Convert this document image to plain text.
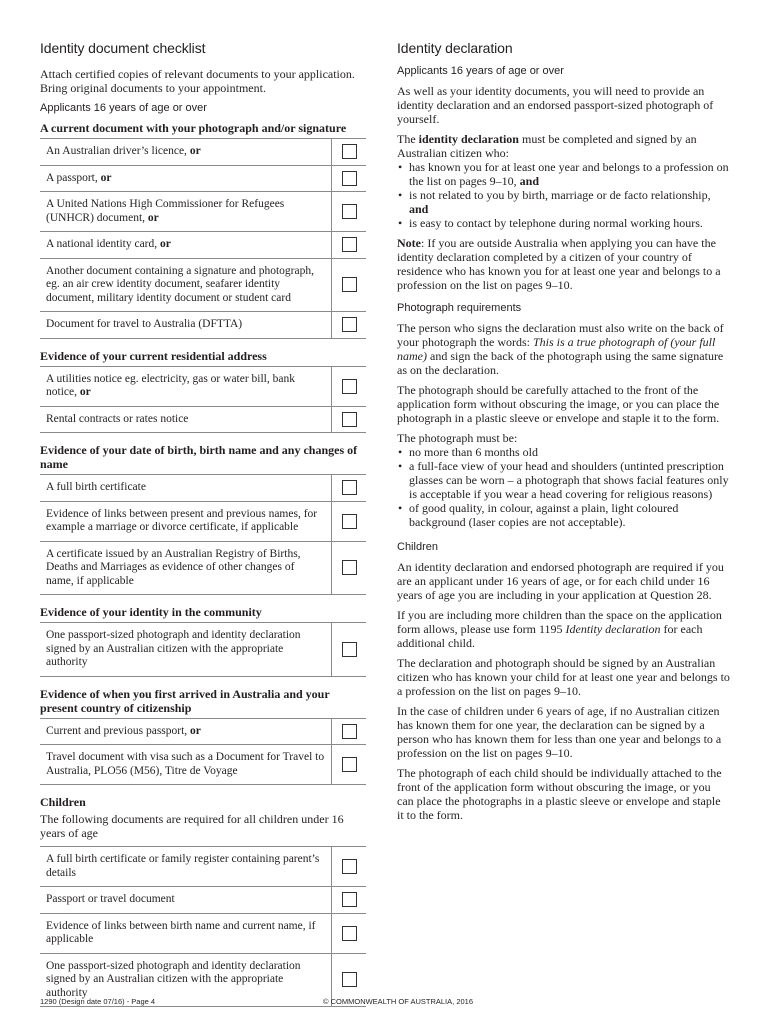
Identity document checklist

Attach certified copies of relevant documents to your application. Bring original documents to your appointment.

Applicants 16 years of age or over

A current document with your photograph and/or signature

An Australian driver’s licence, or	
A passport, or	
A United Nations High Commissioner for Refugees (UNHCR) document, or	
A national identity card, or	
Another document containing a signature and photograph, eg. an air crew identity document, seafarer identity document, military identity document or student card	
Document for travel to Australia (DFTTA)	

Evidence of your current residential address

A utilities notice eg. electricity, gas or water bill, bank notice, or	
Rental contracts or rates notice	

Evidence of your date of birth, birth name and any changes of name

A full birth certificate	
Evidence of links between present and previous names, for example a marriage or divorce certificate, if applicable	
A certificate issued by an Australian Registry of Births, Deaths and Marriages as evidence of other changes of name, if applicable	

Evidence of your identity in the community

One passport-sized photograph and identity declaration signed by an Australian citizen with the appropriate authority	

Evidence of when you first arrived in Australia and your present country of citizenship

Current and previous passport, or	
Travel document with visa such as a Document for Travel to Australia, PLO56 (M56), Titre de Voyage	

Children

The following documents are required for all children under 16 years of age

A full birth certificate or family register containing parent’s details	
Passport or travel document	
Evidence of links between birth name and current name, if applicable	
One passport-sized photograph and identity declaration signed by an Australian citizen with the appropriate authority	
Identity declaration

Applicants 16 years of age or over

As well as your identity documents, you will need to provide an identity declaration and an endorsed passport-sized photograph of yourself.

The identity declaration must be completed and signed by an Australian citizen who:

• has known you for at least one year and belongs to a profession on the list on pages 9–10, and
• is not related to you by birth, marriage or de facto relationship, and
• is easy to contact by telephone during normal working hours.

Note: If you are outside Australia when applying you can have the identity declaration completed by a citizen of your country of residence who has known you for at least one year and belongs to a profession on the list on pages 9–10.

Photograph requirements

The person who signs the declaration must also write on the back of your photograph the words: This is a true photograph of (your full name) and sign the back of the photograph using the same signature as on the declaration.

The photograph should be carefully attached to the front of the application form without obscuring the image, or you can place the photograph in a plastic sleeve or envelope and staple it to the form.

The photograph must be:

• no more than 6 months old
• a full-face view of your head and shoulders (untinted prescription glasses can be worn – a photograph that shows facial features only is acceptable if you wear a head covering for religious reasons)
• of good quality, in colour, against a plain, light coloured background (laser copies are not acceptable).

Children

An identity declaration and endorsed photograph are required if you are an applicant under 16 years of age, or for each child under 16 years of age you are including in your application at Question 28.

If you are including more children than the space on the application form allows, please use form 1195 Identity declaration for each additional child.

The declaration and photograph should be signed by an Australian citizen who has known your child for at least one year and belongs to a profession on the list on pages 9–10.

In the case of children under 6 years of age, if no Australian citizen has known them for one year, the declaration can be signed by a person who has known them for less than one year and belongs to a profession on the list on pages 9–10.

The photograph of each child should be individually attached to the front of the application form without obscuring the image, or you can place the photographs in a plastic sleeve or envelope and staple it to the form.

1290 (Design date 07/16) - Page 4	© COMMONWEALTH OF AUSTRALIA, 2016
